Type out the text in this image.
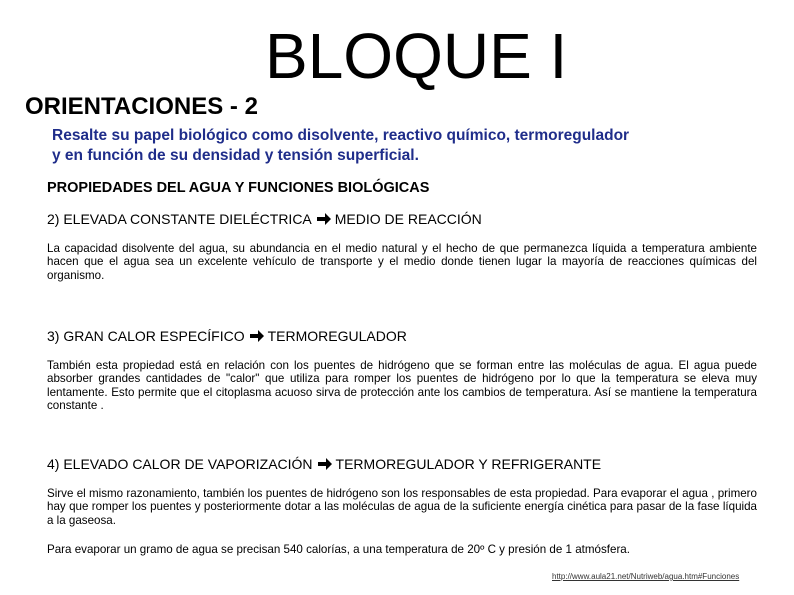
BLOQUE I
ORIENTACIONES - 2
Resalte su papel biológico como disolvente, reactivo químico, termoregulador
y en función de su densidad y tensión superficial.
PROPIEDADES DEL AGUA Y FUNCIONES BIOLÓGICAS
2) ELEVADA CONSTANTE DIELÉCTRICA MEDIO DE REACCIÓN
La capacidad disolvente del agua, su abundancia en el medio natural y el hecho de que permanezca líquida a temperatura ambiente hacen que el agua sea un excelente vehículo de transporte y el medio donde tienen lugar la mayoría de reacciones químicas del organismo.
3) GRAN CALOR ESPECÍFICO TERMOREGULADOR
También esta propiedad está en relación con los puentes de hidrógeno que se forman entre las moléculas de agua. El agua puede absorber grandes cantidades de "calor" que utiliza para romper los puentes de hidrógeno por lo que la temperatura se eleva muy lentamente. Esto permite que el citoplasma acuoso sirva de protección ante los cambios de temperatura. Así se mantiene la temperatura constante .
4) ELEVADO CALOR DE VAPORIZACIÓN TERMOREGULADOR Y REFRIGERANTE
Sirve el mismo razonamiento, también los puentes de hidrógeno son los responsables de esta propiedad. Para evaporar el agua , primero hay que romper los puentes y posteriormente dotar a las moléculas de agua de la suficiente energía cinética para pasar de la fase líquida a la gaseosa.
Para evaporar un gramo de agua se precisan 540 calorías, a una temperatura de 20º C y presión de 1 atmósfera.
http://www.aula21.net/Nutriweb/agua.htm#Funciones
